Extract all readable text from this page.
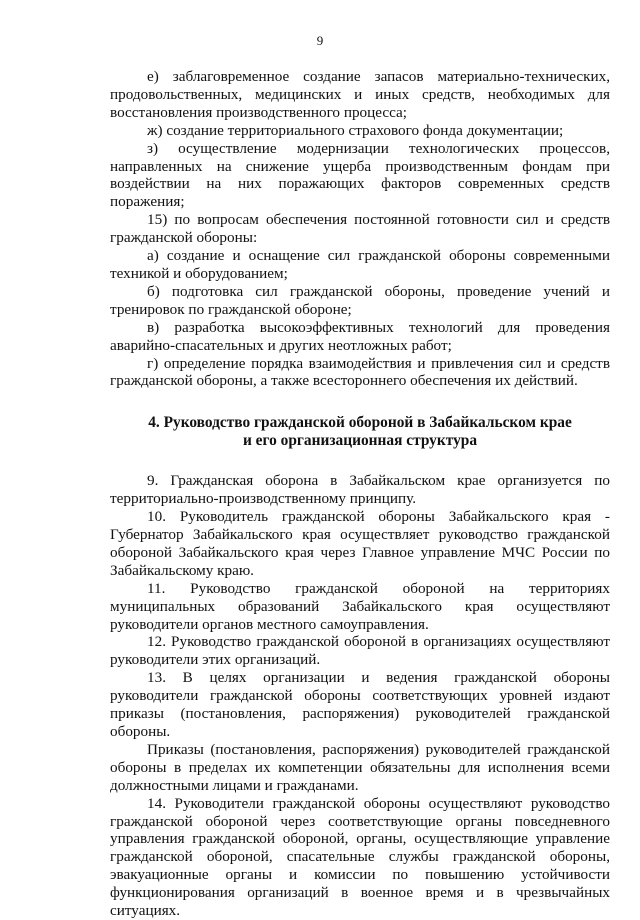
9

е) заблаговременное создание запасов материально-технических, продовольственных, медицинских и иных средств, необходимых для восстановления производственного процесса;

ж) создание территориального страхового фонда документации;

з) осуществление модернизации технологических процессов, направленных на снижение ущерба производственным фондам при воздействии на них поражающих факторов современных средств поражения;

15) по вопросам обеспечения постоянной готовности сил и средств гражданской обороны:

а) создание и оснащение сил гражданской обороны современными техникой и оборудованием;

б) подготовка сил гражданской обороны, проведение учений и тренировок по гражданской обороне;

в) разработка высокоэффективных технологий для проведения аварийно-спасательных и других неотложных работ;

г) определение порядка взаимодействия и привлечения сил и средств гражданской обороны, а также всестороннего обеспечения их действий.

4. Руководство гражданской обороной в Забайкальском крае
и его организационная структура

9. Гражданская оборона в Забайкальском крае организуется по территориально-производственному принципу.

10. Руководитель гражданской обороны Забайкальского края - Губернатор Забайкальского края осуществляет руководство гражданской обороной Забайкальского края через Главное управление МЧС России по Забайкальскому краю.

11. Руководство гражданской обороной на территориях муниципальных образований Забайкальского края осуществляют руководители органов местного самоуправления.

12. Руководство гражданской обороной в организациях осуществляют руководители этих организаций.

13. В целях организации и ведения гражданской обороны руководители гражданской обороны соответствующих уровней издают приказы (постановления, распоряжения) руководителей гражданской обороны.

Приказы (постановления, распоряжения) руководителей гражданской обороны в пределах их компетенции обязательны для исполнения всеми должностными лицами и гражданами.

14. Руководители гражданской обороны осуществляют руководство гражданской обороной через соответствующие органы повседневного управления гражданской обороной, органы, осуществляющие управление гражданской обороной, спасательные службы гражданской обороны, эвакуационные органы и комиссии по повышению устойчивости функционирования организаций в военное время и в чрезвычайных ситуациях.
